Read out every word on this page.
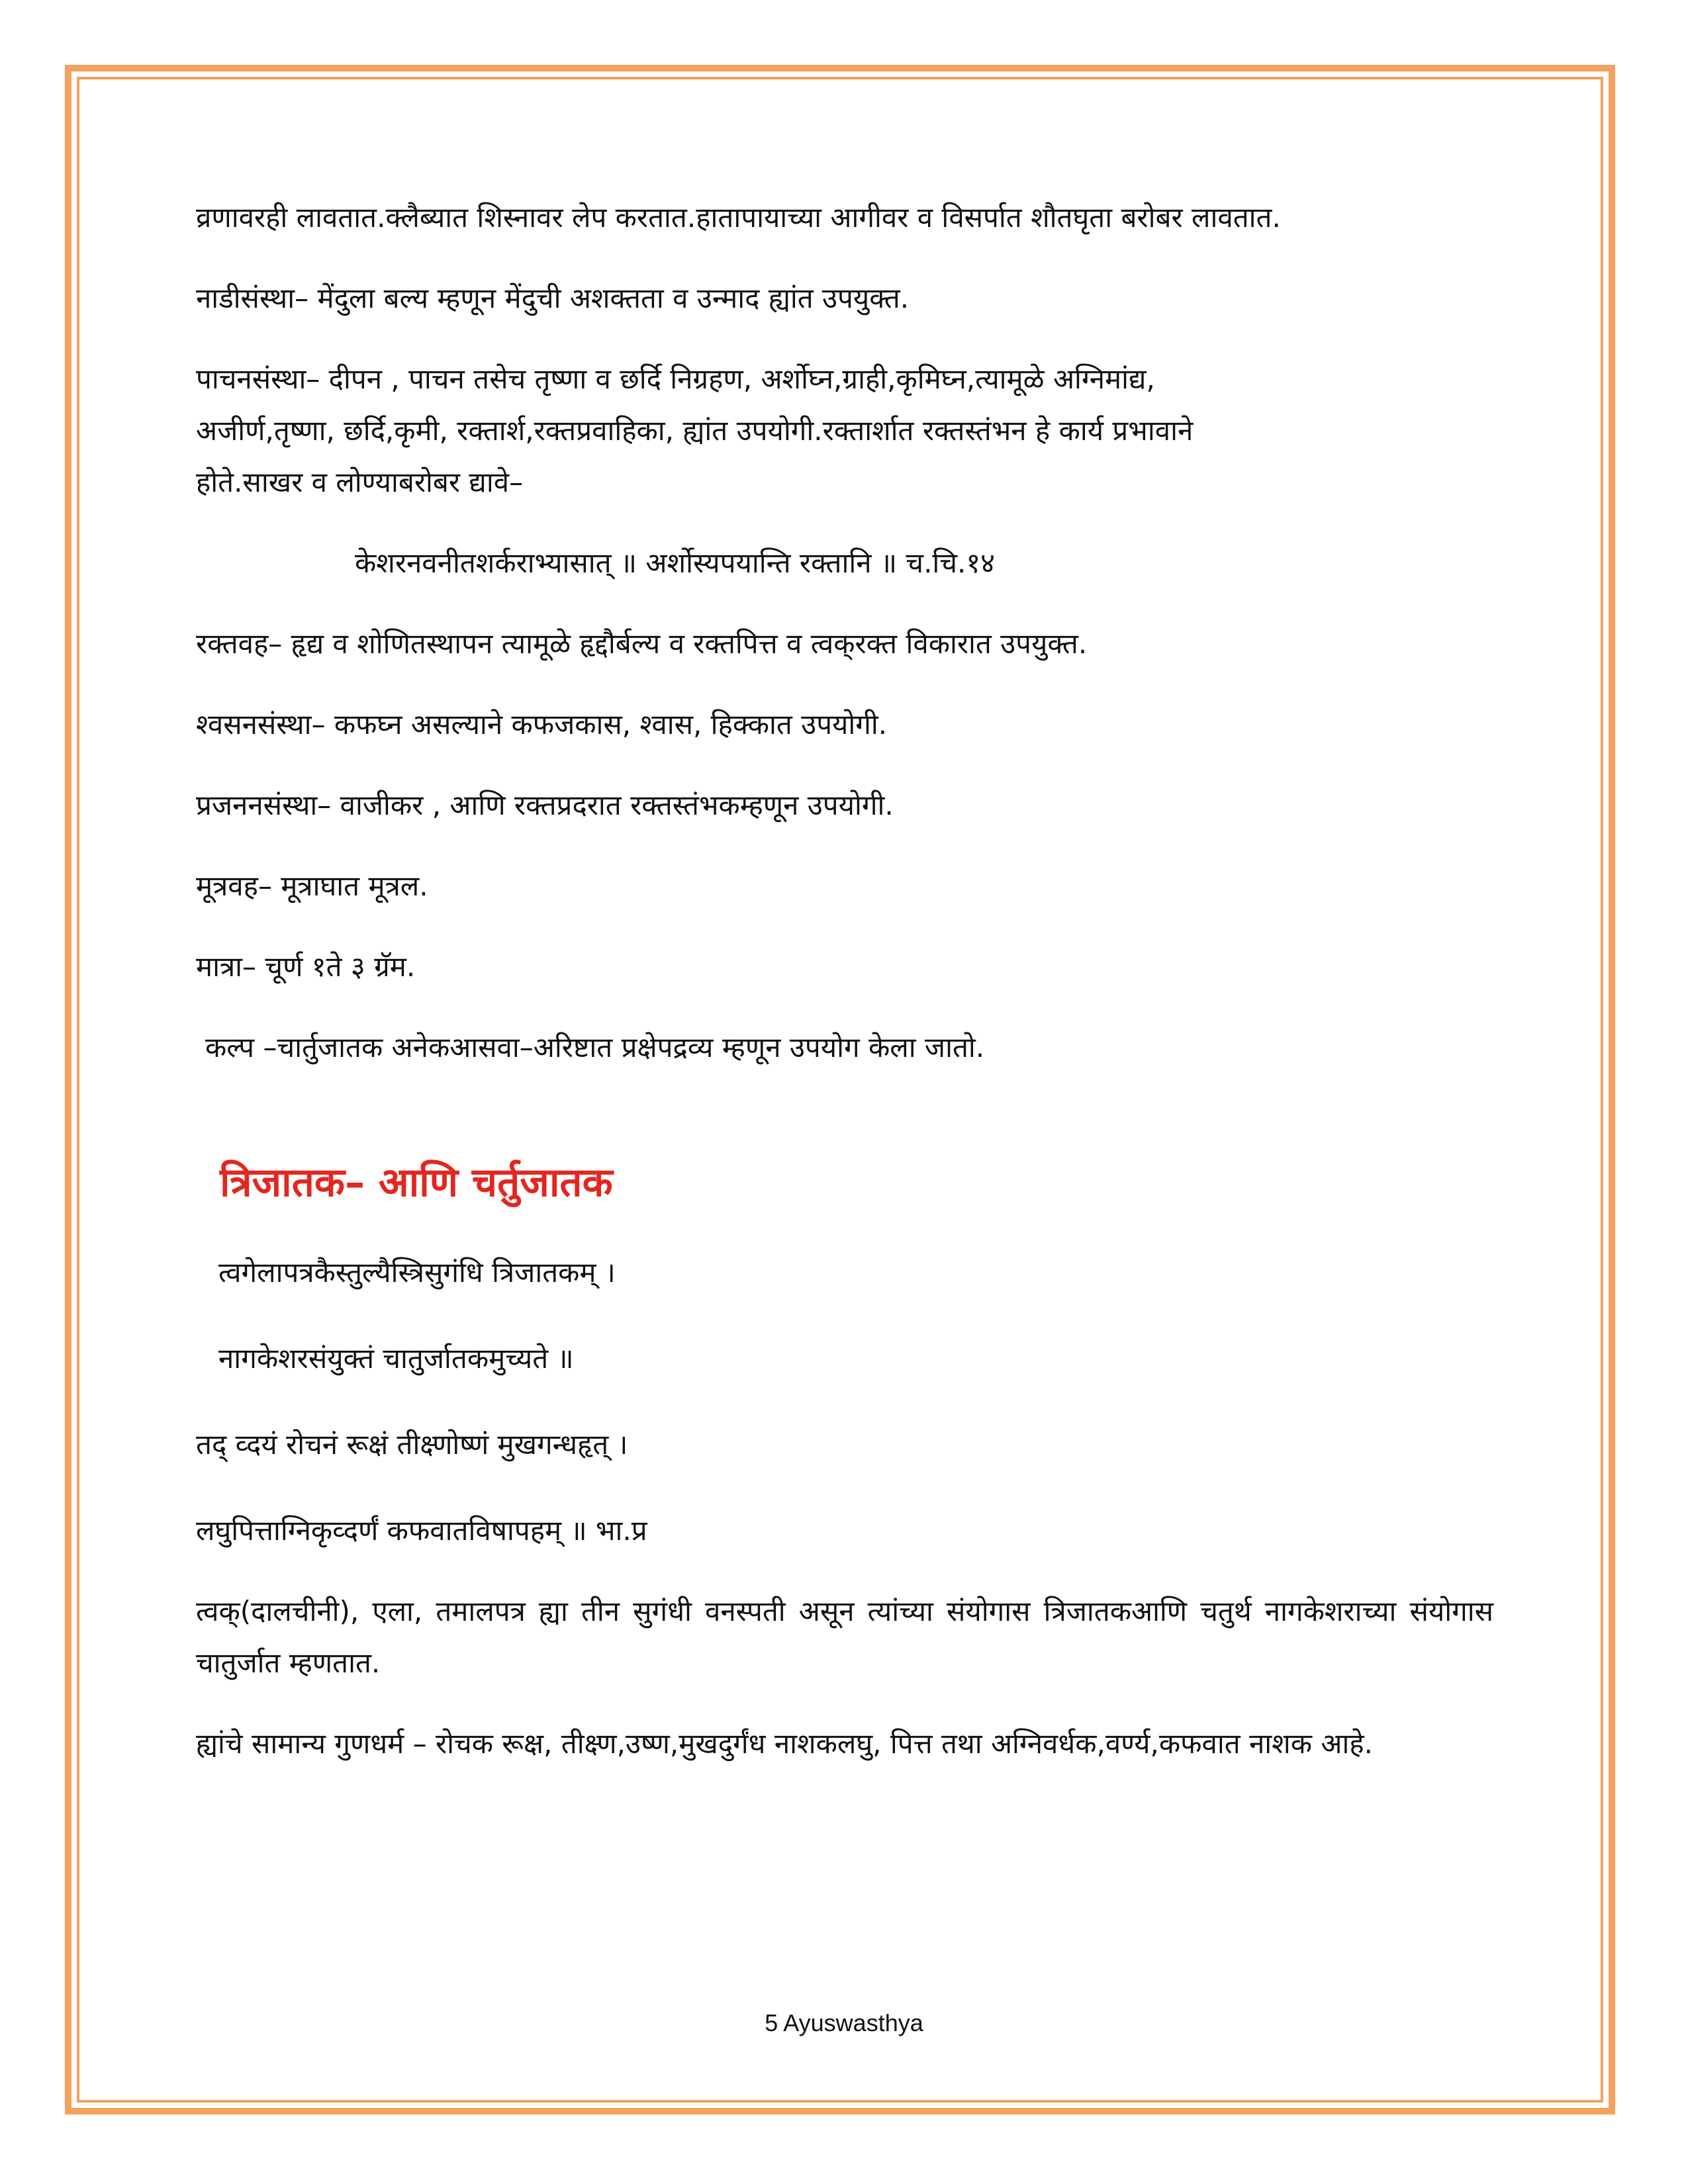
व्रणावरही लावतात.क्लैब्यात शिस्नावर लेप करतात.हातापायाच्या आगीवर व विसर्पात शौतघृता बरोबर लावतात.

नाडीसंस्था– मेंदुला बल्य म्हणून मेंदुची अशक्तता व उन्माद ह्यांत उपयुक्त.

पाचनसंस्था– दीपन , पाचन तसेच तृष्णा व छर्दि निग्रहण, अर्शोघ्न,ग्राही,कृमिघ्न,त्यामूळे अग्निमांद्य,

अजीर्ण,तृष्णा, छर्दि,कृमी, रक्तार्श,रक्तप्रवाहिका, ह्यांत उपयोगी.रक्तार्शात रक्तस्तंभन हे कार्य प्रभावाने

होते.साखर व लोण्याबरोबर द्यावे–

केशरनवनीतशर्कराभ्यासात् ॥ अर्शोस्यपयान्ति रक्तानि ॥ च.चि.१४

रक्तवह– हृद्य व शोणितस्थापन त्यामूळे हृद्दौर्बल्य व रक्तपित्त व त्वक्‌रक्त विकारात उपयुक्त.

श्वसनसंस्था– कफघ्न असल्याने कफजकास, श्वास, हिक्कात उपयोगी.

प्रजननसंस्था– वाजीकर , आणि रक्तप्रदरात रक्तस्तंभकम्हणून उपयोगी.

मूत्रवह– मूत्राघात मूत्रल.

मात्रा– चूर्ण १ते ३ ग्रॅम.

कल्प –चार्तुजातक अनेकआसवा–अरिष्टात प्रक्षेपद्रव्य म्हणून उपयोग केला जातो.

त्रिजातक– आणि चर्तुजातक

त्वगेलापत्रकैस्तुल्यैस्त्रिसुगंधि त्रिजातकम् ।

नागकेशरसंयुक्तं चातुर्जातकमुच्यते ॥

तद् व्दयं रोचनं रूक्षं तीक्ष्णोष्णं मुखगन्धहृत् ।

लघुपित्ताग्निकृव्दर्णं कफवातविषापहम् ॥ भा.प्र

त्वक्(दालचीनी), एला, तमालपत्र ह्या तीन सुगंधी वनस्पती असून त्यांच्या संयोगास त्रिजातकआणि चतुर्थ नागकेशराच्या संयोगास चातुर्जात म्हणतात.

ह्यांचे सामान्य गुणधर्म – रोचक रूक्ष, तीक्ष्ण,उष्ण,मुखदुर्गंध नाशकलघु, पित्त तथा अग्निवर्धक,वर्ण्य,कफवात नाशक आहे.

5 Ayuswasthya
